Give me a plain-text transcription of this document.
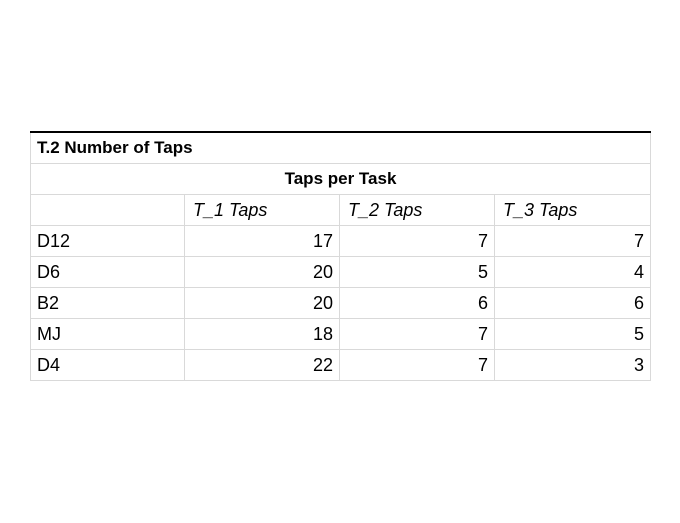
T.2 Number of Taps			
Taps per Task			
	T_1 Taps	T_2 Taps	T_3 Taps
D12	17	7	7
D6	20	5	4
B2	20	6	6
MJ	18	7	5
D4	22	7	3
